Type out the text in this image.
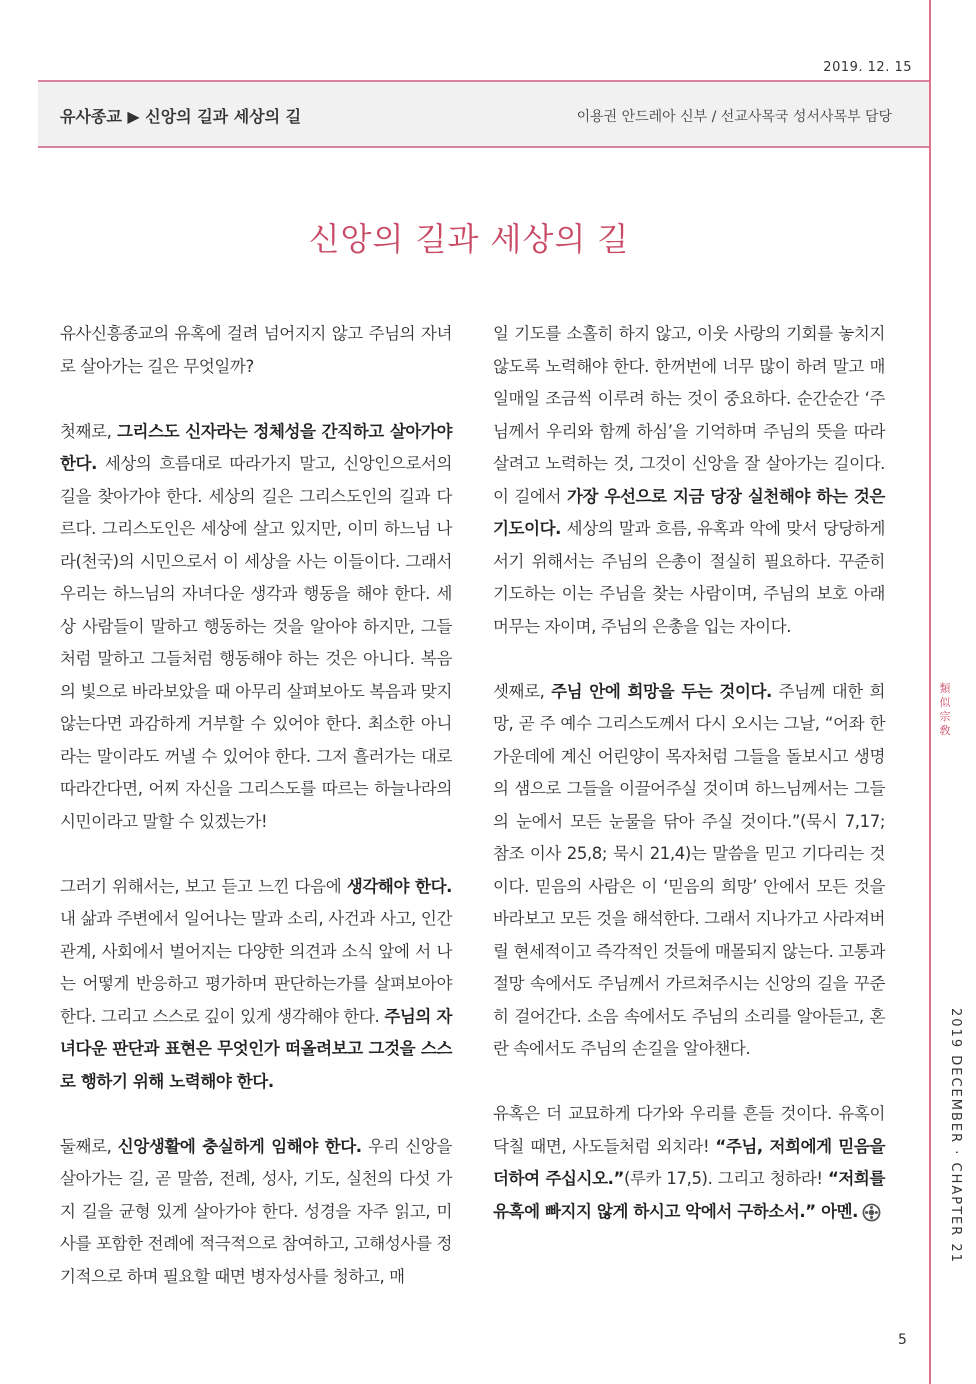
2019. 12. 15
유사종교 ▶ 신앙의 길과 세상의 길	이용권 안드레아 신부 / 선교사목국 성서사목부 담당
신앙의 길과 세상의 길

유사신흥종교의 유혹에 걸려 넘어지지 않고 주님의 자녀로 살아가는 길은 무엇일까?

첫째로, 그리스도 신자라는 정체성을 간직하고 살아가야 한다. 세상의 흐름대로 따라가지 말고, 신앙인으로서의 길을 찾아가야 한다. 세상의 길은 그리스도인의 길과 다르다. 그리스도인은 세상에 살고 있지만, 이미 하느님 나라(천국)의 시민으로서 이 세상을 사는 이들이다. 그래서 우리는 하느님의 자녀다운 생각과 행동을 해야 한다. 세상 사람들이 말하고 행동하는 것을 알아야 하지만, 그들처럼 말하고 그들처럼 행동해야 하는 것은 아니다. 복음의 빛으로 바라보았을 때 아무리 살펴보아도 복음과 맞지 않는다면 과감하게 거부할 수 있어야 한다. 최소한 아니라는 말이라도 꺼낼 수 있어야 한다. 그저 흘러가는 대로 따라간다면, 어찌 자신을 그리스도를 따르는 하늘나라의 시민이라고 말할 수 있겠는가!

그러기 위해서는, 보고 듣고 느낀 다음에 생각해야 한다. 내 삶과 주변에서 일어나는 말과 소리, 사건과 사고, 인간관계, 사회에서 벌어지는 다양한 의견과 소식 앞에 서 나는 어떻게 반응하고 평가하며 판단하는가를 살펴보아야 한다. 그리고 스스로 깊이 있게 생각해야 한다. 주님의 자녀다운 판단과 표현은 무엇인가 떠올려보고 그것을 스스로 행하기 위해 노력해야 한다.

둘째로, 신앙생활에 충실하게 임해야 한다. 우리 신앙을 살아가는 길, 곧 말씀, 전례, 성사, 기도, 실천의 다섯 가지 길을 균형 있게 살아가야 한다. 성경을 자주 읽고, 미사를 포함한 전례에 적극적으로 참여하고, 고해성사를 정기적으로 하며 필요할 때면 병자성사를 청하고, 매

일 기도를 소홀히 하지 않고, 이웃 사랑의 기회를 놓치지 않도록 노력해야 한다. 한꺼번에 너무 많이 하려 말고 매일매일 조금씩 이루려 하는 것이 중요하다. 순간순간 ‘주님께서 우리와 함께 하심’을 기억하며 주님의 뜻을 따라 살려고 노력하는 것, 그것이 신앙을 잘 살아가는 길이다. 이 길에서 가장 우선으로 지금 당장 실천해야 하는 것은 기도이다. 세상의 말과 흐름, 유혹과 악에 맞서 당당하게 서기 위해서는 주님의 은총이 절실히 필요하다. 꾸준히 기도하는 이는 주님을 찾는 사람이며, 주님의 보호 아래 머무는 자이며, 주님의 은총을 입는 자이다.

셋째로, 주님 안에 희망을 두는 것이다. 주님께 대한 희망, 곧 주 예수 그리스도께서 다시 오시는 그날, “어좌 한가운데에 계신 어린양이 목자처럼 그들을 돌보시고 생명의 샘으로 그들을 이끌어주실 것이며 하느님께서는 그들의 눈에서 모든 눈물을 닦아 주실 것이다.”(묵시 7,17; 참조 이사 25,8; 묵시 21,4)는 말씀을 믿고 기다리는 것이다. 믿음의 사람은 이 ‘믿음의 희망’ 안에서 모든 것을 바라보고 모든 것을 해석한다. 그래서 지나가고 사라져버릴 현세적이고 즉각적인 것들에 매몰되지 않는다. 고통과 절망 속에서도 주님께서 가르쳐주시는 신앙의 길을 꾸준히 걸어간다. 소음 속에서도 주님의 소리를 알아듣고, 혼란 속에서도 주님의 손길을 알아챈다.

유혹은 더 교묘하게 다가와 우리를 흔들 것이다. 유혹이 닥칠 때면, 사도들처럼 외치라! “주님, 저희에게 믿음을 더하여 주십시오.”(루카 17,5). 그리고 청하라! “저희를 유혹에 빠지지 않게 하시고 악에서 구하소서.” 아멘.

類似宗敎
2019 DECEMBER · CHAPTER 21
5
